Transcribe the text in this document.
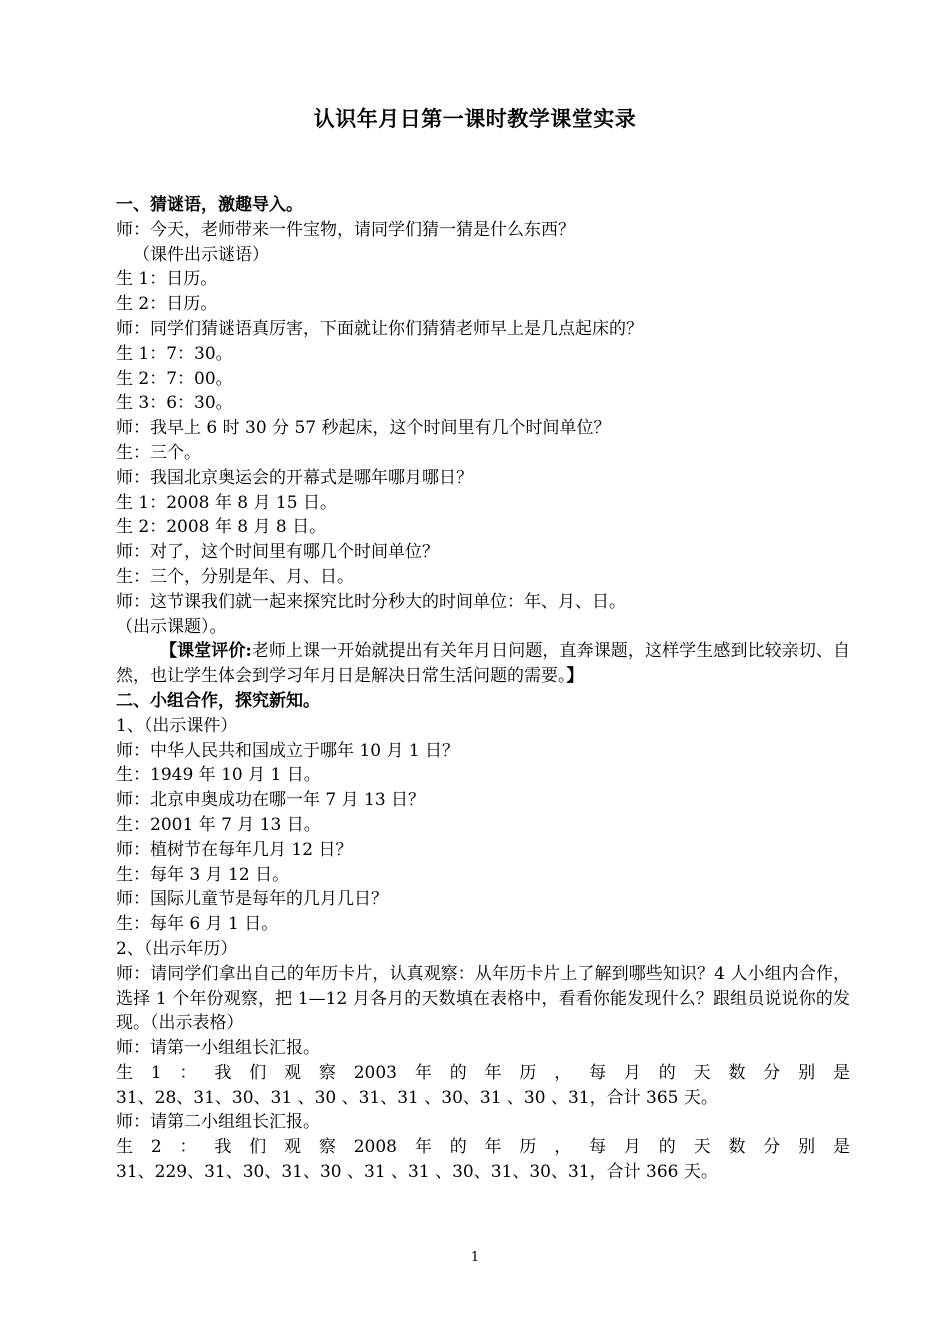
认识年月日第一课时教学课堂实录

一、猜谜语，激趣导入。

师：今天，老师带来一件宝物，请同学们猜一猜是什么东西？

（课件出示谜语）

生 1：日历。

生 2：日历。

师：同学们猜谜语真厉害，下面就让你们猜猜老师早上是几点起床的？

生 1：7：30。

生 2：7：00。

生 3：6：30。

师：我早上 6 时 30 分 57 秒起床，这个时间里有几个时间单位？

生：三个。

师：我国北京奥运会的开幕式是哪年哪月哪日？

生 1：2008 年 8 月 15 日。

生 2：2008 年 8 月 8 日。

师：对了，这个时间里有哪几个时间单位？

生：三个，分别是年、月、日。

师：这节课我们就一起来探究比时分秒大的时间单位：年、月、日。

（出示课题）。

【课堂评价:老师上课一开始就提出有关年月日问题，直奔课题，这样学生感到比较亲切、自然，也让学生体会到学习年月日是解决日常生活问题的需要。】

二、小组合作，探究新知。

1、（出示课件）

师：中华人民共和国成立于哪年 10 月 1 日？

生：1949 年 10 月 1 日。

师：北京申奥成功在哪一年 7 月 13 日？

生：2001 年 7 月 13 日。

师：植树节在每年几月 12 日？

生：每年 3 月 12 日。

师：国际儿童节是每年的几月几日？

生：每年 6 月 1 日。

2、（出示年历）

师：请同学们拿出自己的年历卡片，认真观察：从年历卡片上了解到哪些知识？4 人小组内合作，选择 1 个年份观察，把 1—12 月各月的天数填在表格中，看看你能发现什么？跟组员说说你的发现。（出示表格）

师：请第一小组组长汇报。

生 1 ： 我 们 观 察 2003 年 的 年 历 ， 每 月 的 天 数 分 别 是

31、28、31、30、31 、30 、31、31 、30、31 、30 、31，合计 365 天。

师：请第二小组组长汇报。

生 2 ： 我 们 观 察 2008 年 的 年 历 ， 每 月 的 天 数 分 别 是

31、229、31、30、31、30 、31 、31 、30、31、30、31，合计 366 天。

1
